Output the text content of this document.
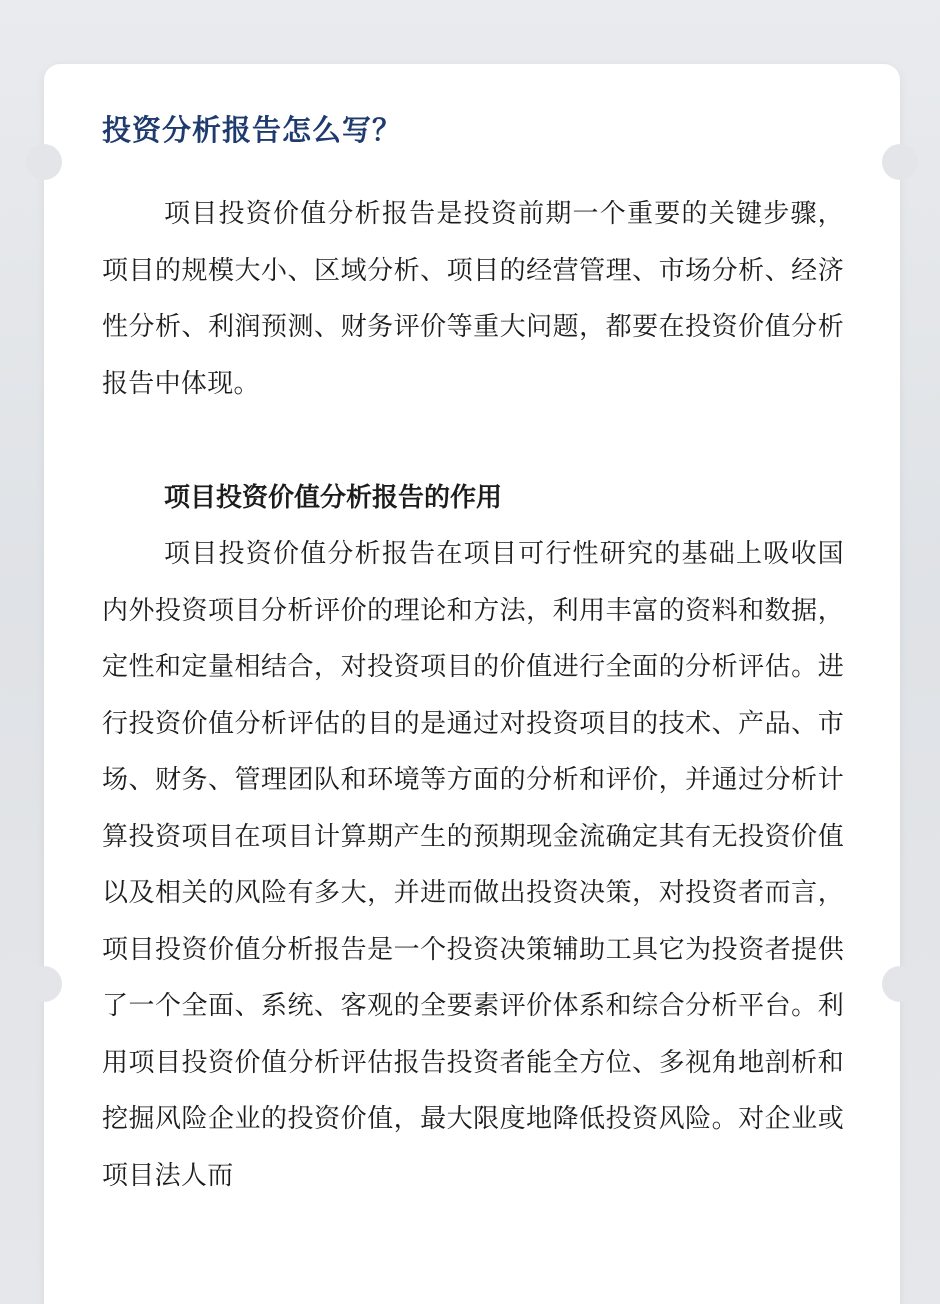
投资分析报告怎么写？

项目投资价值分析报告是投资前期一个重要的关键步骤，项目的规模大小、区域分析、项目的经营管理、市场分析、经济性分析、利润预测、财务评价等重大问题，都要在投资价值分析报告中体现。

项目投资价值分析报告的作用

项目投资价值分析报告在项目可行性研究的基础上吸收国内外投资项目分析评价的理论和方法，利用丰富的资料和数据，定性和定量相结合，对投资项目的价值进行全面的分析评估。进行投资价值分析评估的目的是通过对投资项目的技术、产品、市场、财务、管理团队和环境等方面的分析和评价，并通过分析计算投资项目在项目计算期产生的预期现金流确定其有无投资价值以及相关的风险有多大，并进而做出投资决策，对投资者而言，项目投资价值分析报告是一个投资决策辅助工具它为投资者提供了一个全面、系统、客观的全要素评价体系和综合分析平台。利用项目投资价值分析评估报告投资者能全方位、多视角地剖析和挖掘风险企业的投资价值，最大限度地降低投资风险。对企业或项目法人而
